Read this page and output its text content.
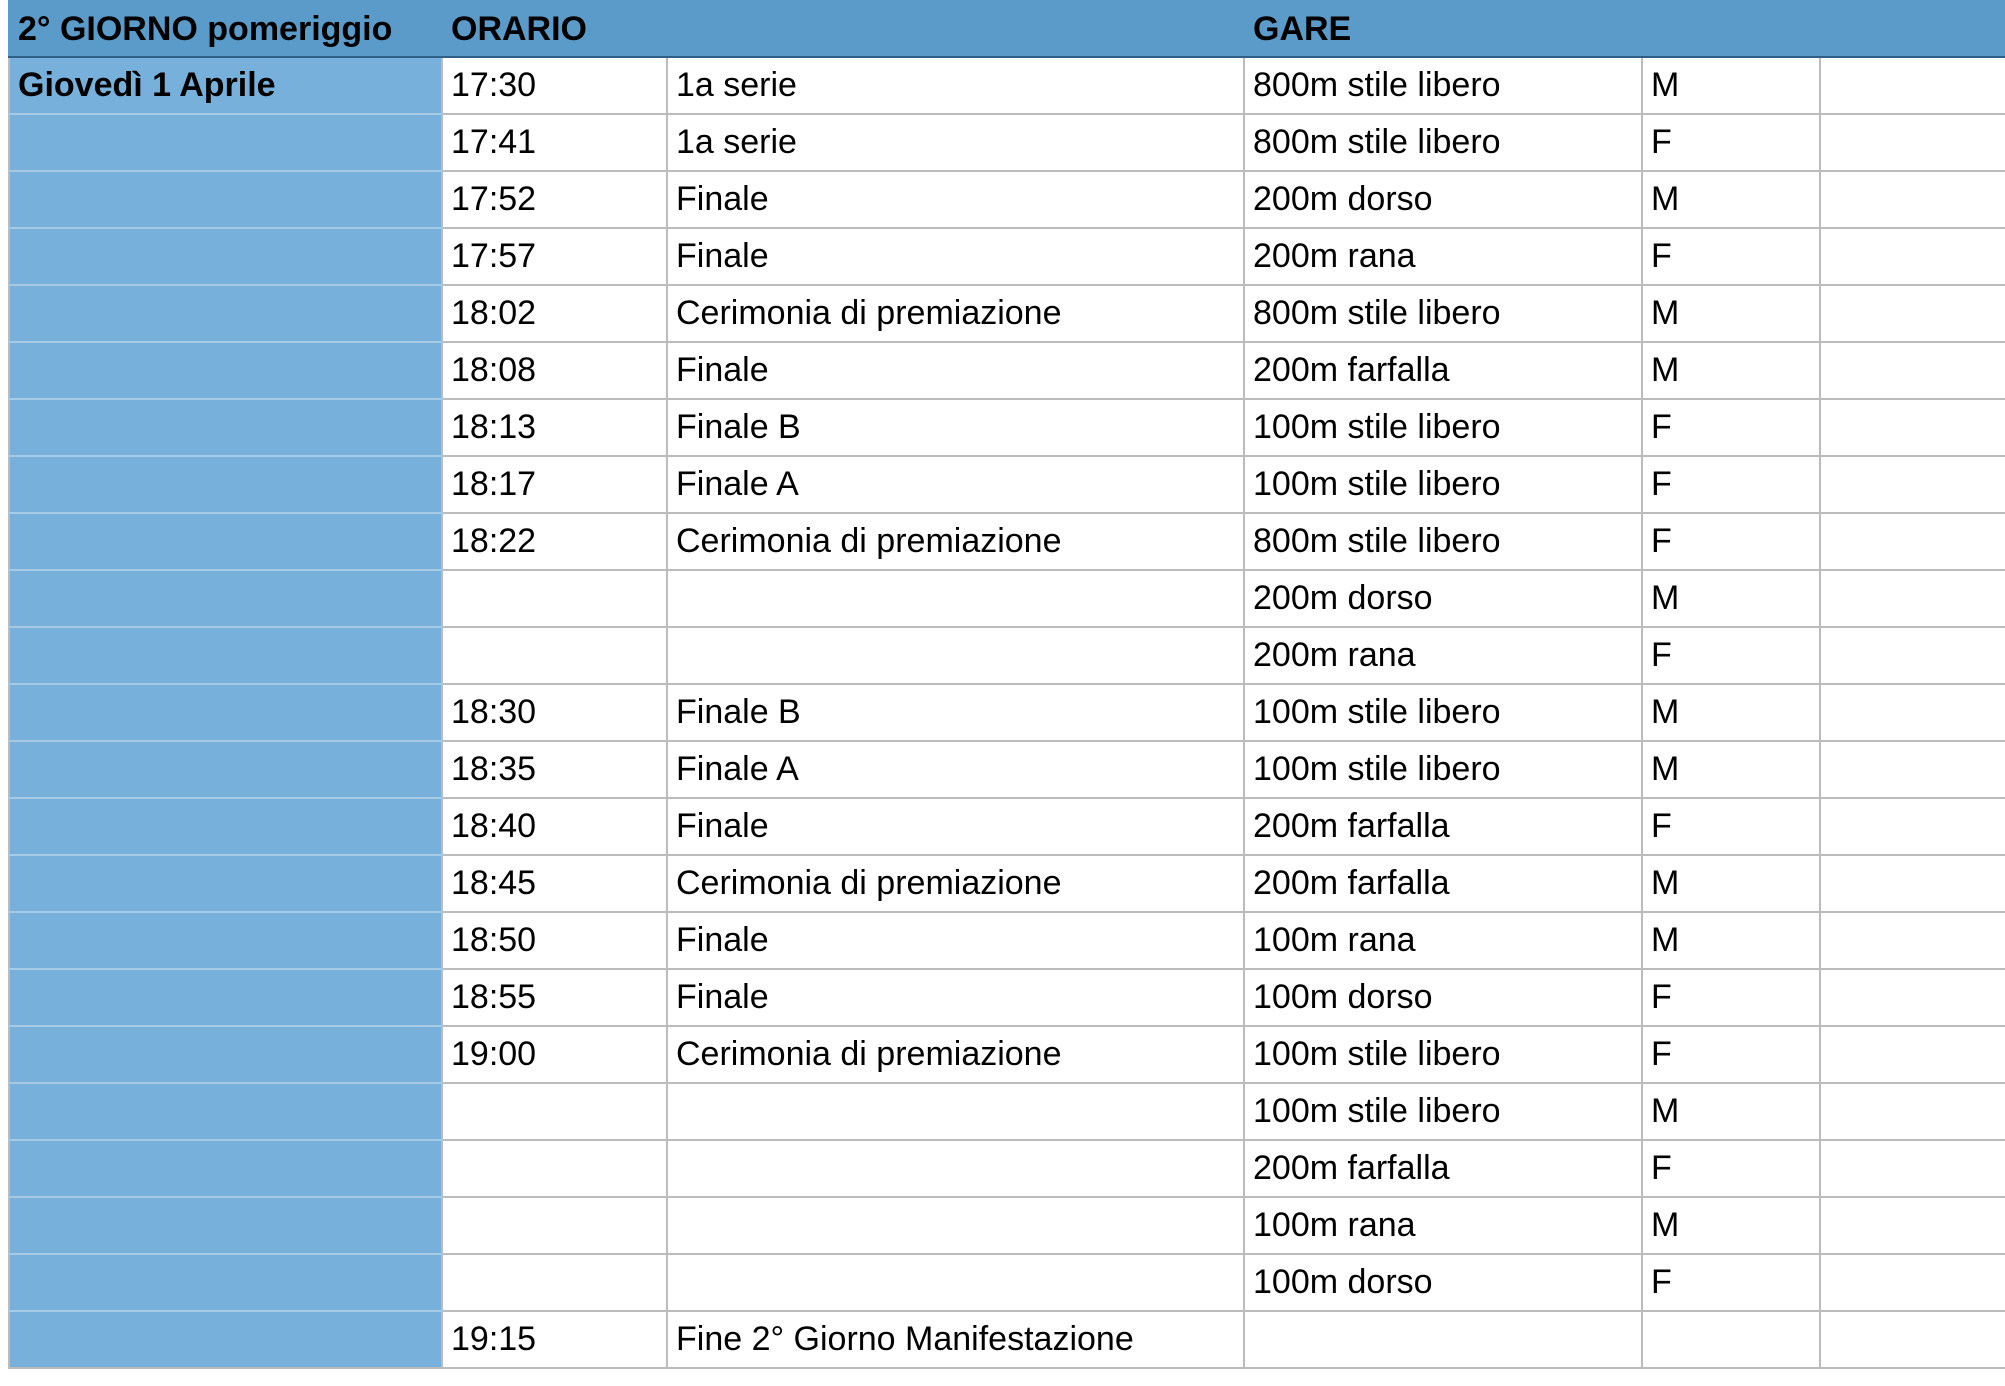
2° GIORNO pomeriggio	ORARIO		GARE		
Giovedì 1 Aprile	17:30	1a serie	800m stile libero	M	
	17:41	1a serie	800m stile libero	F	
	17:52	Finale	200m dorso	M	
	17:57	Finale	200m rana	F	
	18:02	Cerimonia di premiazione	800m stile libero	M	
	18:08	Finale	200m farfalla	M	
	18:13	Finale B	100m stile libero	F	
	18:17	Finale A	100m stile libero	F	
	18:22	Cerimonia di premiazione	800m stile libero	F	
			200m dorso	M	
			200m rana	F	
	18:30	Finale B	100m stile libero	M	
	18:35	Finale A	100m stile libero	M	
	18:40	Finale	200m farfalla	F	
	18:45	Cerimonia di premiazione	200m farfalla	M	
	18:50	Finale	100m rana	M	
	18:55	Finale	100m dorso	F	
	19:00	Cerimonia di premiazione	100m stile libero	F	
			100m stile libero	M	
			200m farfalla	F	
			100m rana	M	
			100m dorso	F	
	19:15	Fine 2° Giorno Manifestazione			
